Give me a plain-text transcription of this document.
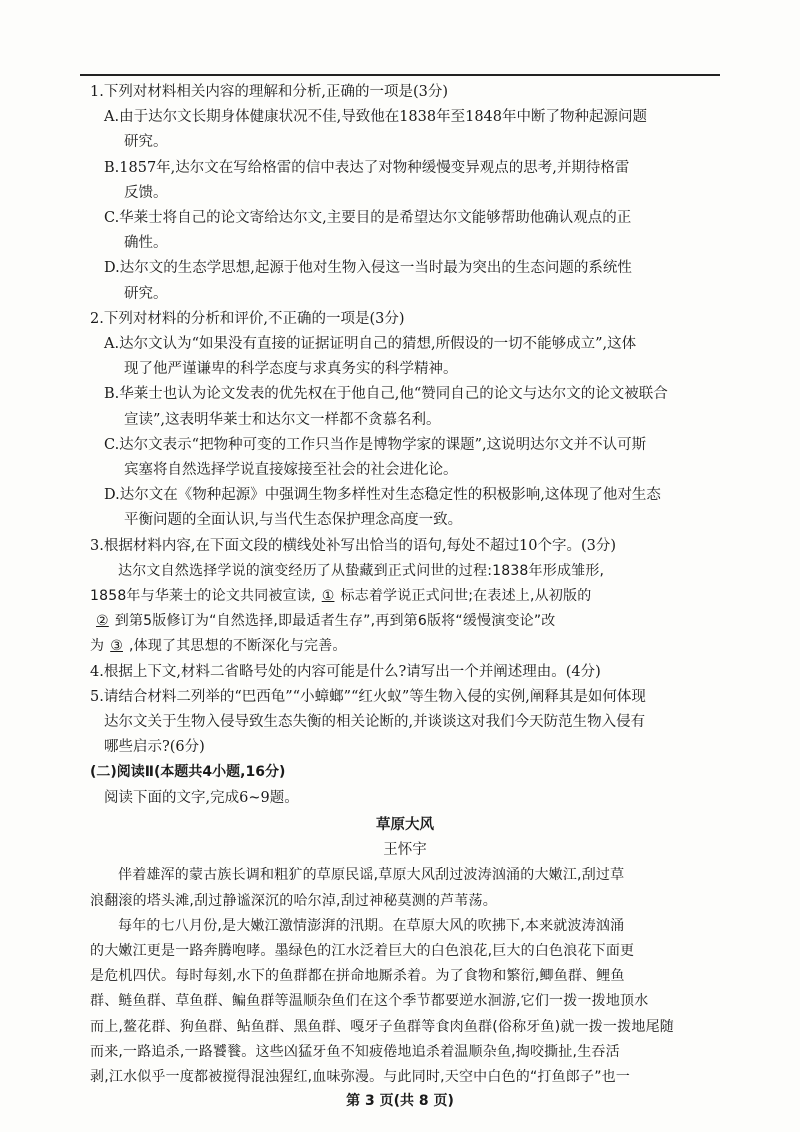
1.下列对材料相关内容的理解和分析,正确的一项是(3分)

A.由于达尔文长期身体健康状况不佳,导致他在1838年至1848年中断了物种起源问题

研究。

B.1857年,达尔文在写给格雷的信中表达了对物种缓慢变异观点的思考,并期待格雷

反馈。

C.华莱士将自己的论文寄给达尔文,主要目的是希望达尔文能够帮助他确认观点的正

确性。

D.达尔文的生态学思想,起源于他对生物入侵这一当时最为突出的生态问题的系统性

研究。

2.下列对材料的分析和评价,不正确的一项是(3分)

A.达尔文认为“如果没有直接的证据证明自己的猜想,所假设的一切不能够成立”,这体

现了他严谨谦卑的科学态度与求真务实的科学精神。

B.华莱士也认为论文发表的优先权在于他自己,他“赞同自己的论文与达尔文的论文被联合

宣读”,这表明华莱士和达尔文一样都不贪慕名利。

C.达尔文表示“把物种可变的工作只当作是博物学家的课题”,这说明达尔文并不认可斯

宾塞将自然选择学说直接嫁接至社会的社会进化论。

D.达尔文在《物种起源》中强调生物多样性对生态稳定性的积极影响,这体现了他对生态

平衡问题的全面认识,与当代生态保护理念高度一致。

3.根据材料内容,在下面文段的横线处补写出恰当的语句,每处不超过10个字。(3分)

达尔文自然选择学说的演变经历了从蛰藏到正式问世的过程:1838年形成雏形,

1858年与华莱士的论文共同被宣读, ① 标志着学说正式问世;在表述上,从初版的

② 到第5版修订为“自然选择,即最适者生存”,再到第6版将“缓慢演变论”改

为 ③ ,体现了其思想的不断深化与完善。

4.根据上下文,材料二省略号处的内容可能是什么?请写出一个并阐述理由。(4分)

5.请结合材料二列举的“巴西龟”“小蟑螂”“红火蚁”等生物入侵的实例,阐释其是如何体现

达尔文关于生物入侵导致生态失衡的相关论断的,并谈谈这对我们今天防范生物入侵有

哪些启示?(6分)

(二)阅读Ⅱ(本题共4小题,16分)

阅读下面的文字,完成6~9题。

草原大风

王怀宇

伴着雄浑的蒙古族长调和粗犷的草原民谣,草原大风刮过波涛汹涌的大嫩江,刮过草

浪翻滚的塔头滩,刮过静谧深沉的哈尔淖,刮过神秘莫测的芦苇荡。

每年的七八月份,是大嫩江激情澎湃的汛期。在草原大风的吹拂下,本来就波涛汹涌

的大嫩江更是一路奔腾咆哮。墨绿色的江水泛着巨大的白色浪花,巨大的白色浪花下面更

是危机四伏。每时每刻,水下的鱼群都在拼命地厮杀着。为了食物和繁衍,鲫鱼群、鲤鱼

群、鲢鱼群、草鱼群、鳊鱼群等温顺杂鱼们在这个季节都要逆水洄游,它们一拨一拨地顶水

而上,鳌花群、狗鱼群、鲇鱼群、黑鱼群、嘎牙子鱼群等食肉鱼群(俗称牙鱼)就一拨一拨地尾随

而来,一路追杀,一路饕餮。这些凶猛牙鱼不知疲倦地追杀着温顺杂鱼,掏咬撕扯,生吞活

剥,江水似乎一度都被搅得混浊猩红,血味弥漫。与此同时,天空中白色的“打鱼郎子”也一

第 3 页(共 8 页)
